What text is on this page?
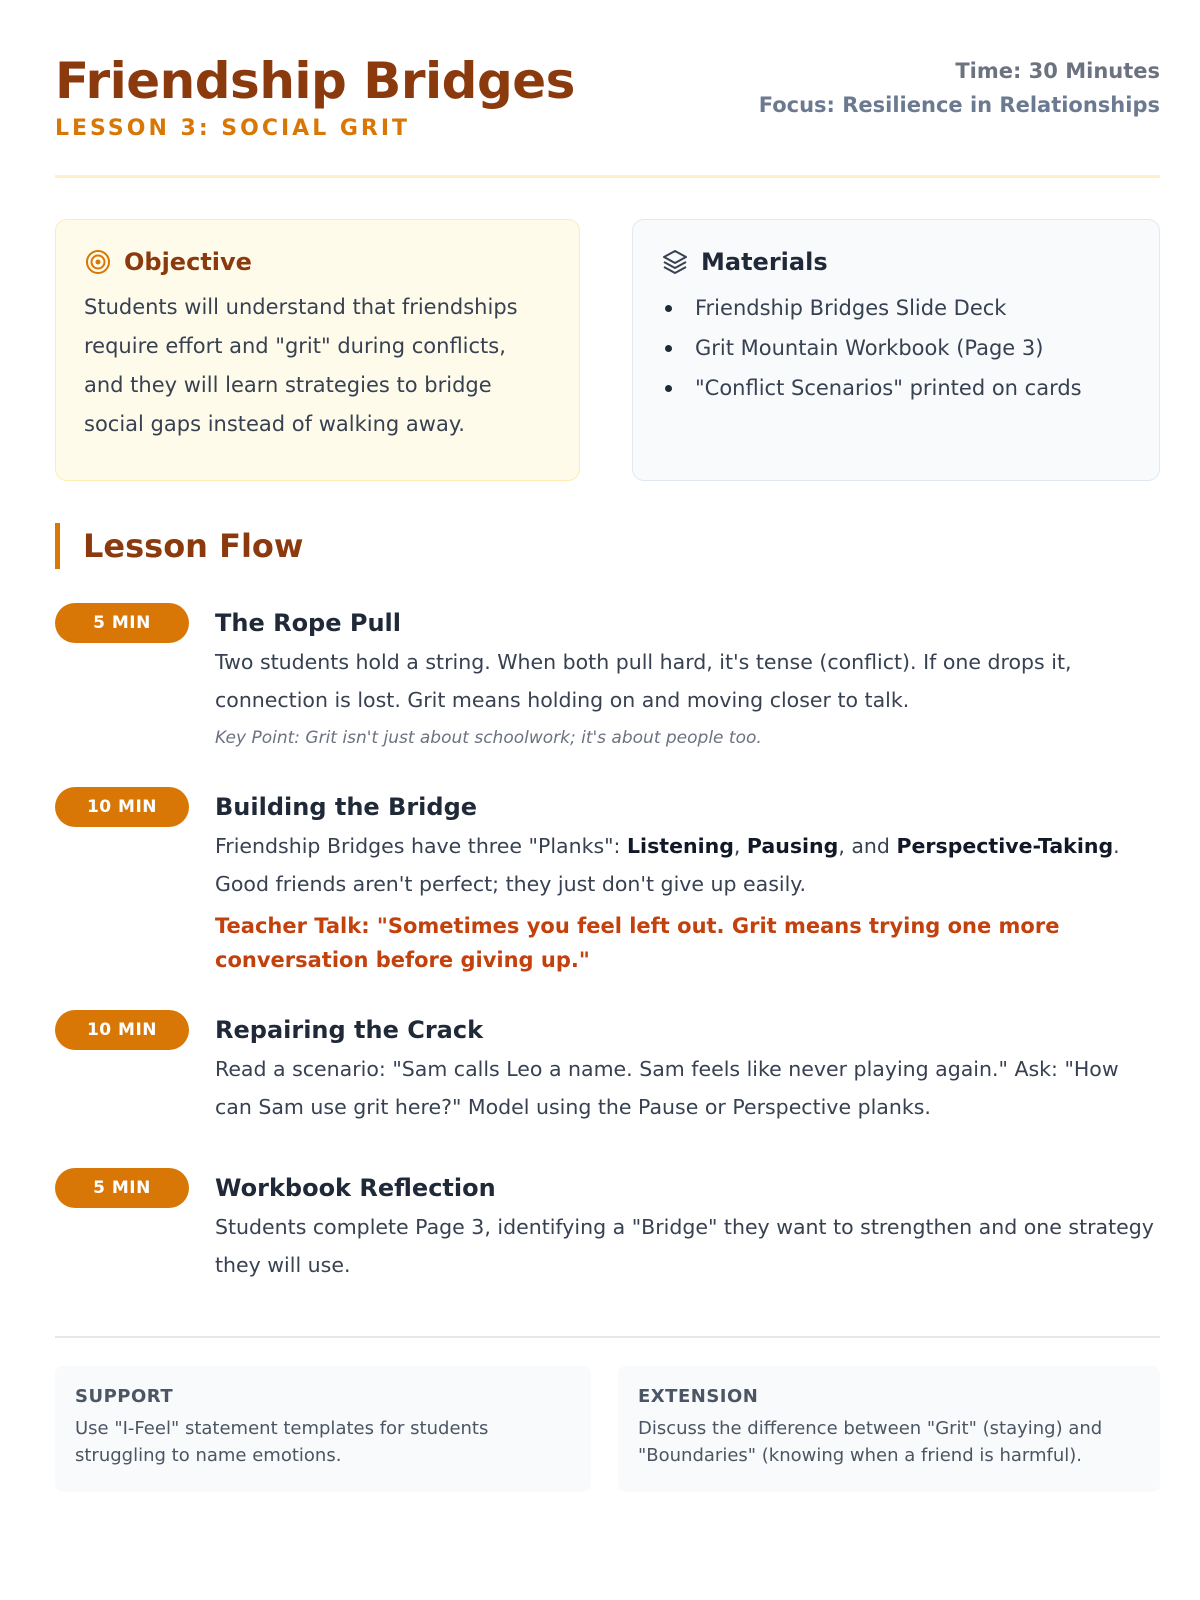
Friendship Bridges
LESSON 3: SOCIAL GRIT
Time: 30 Minutes
Focus: Resilience in Relationships
Objective
Students will understand that friendships require effort and "grit" during conflicts, and they will learn strategies to bridge social gaps instead of walking away.
Materials
Friendship Bridges Slide Deck
Grit Mountain Workbook (Page 3)
"Conflict Scenarios" printed on cards
Lesson Flow
5 MIN	The Rope Pull
Two students hold a string. When both pull hard, it's tense (conflict). If one drops it, connection is lost. Grit means holding on and moving closer to talk.
Key Point: Grit isn't just about schoolwork; it's about people too.
10 MIN	Building the Bridge
Friendship Bridges have three "Planks": Listening, Pausing, and Perspective-Taking. Good friends aren't perfect; they just don't give up easily.
Teacher Talk: "Sometimes you feel left out. Grit means trying one more conversation before giving up."
10 MIN	Repairing the Crack
Read a scenario: "Sam calls Leo a name. Sam feels like never playing again." Ask: "How can Sam use grit here?" Model using the Pause or Perspective planks.
5 MIN	Workbook Reflection
Students complete Page 3, identifying a "Bridge" they want to strengthen and one strategy they will use.
SUPPORT
Use "I-Feel" statement templates for students struggling to name emotions.
EXTENSION
Discuss the difference between "Grit" (staying) and "Boundaries" (knowing when a friend is harmful).
